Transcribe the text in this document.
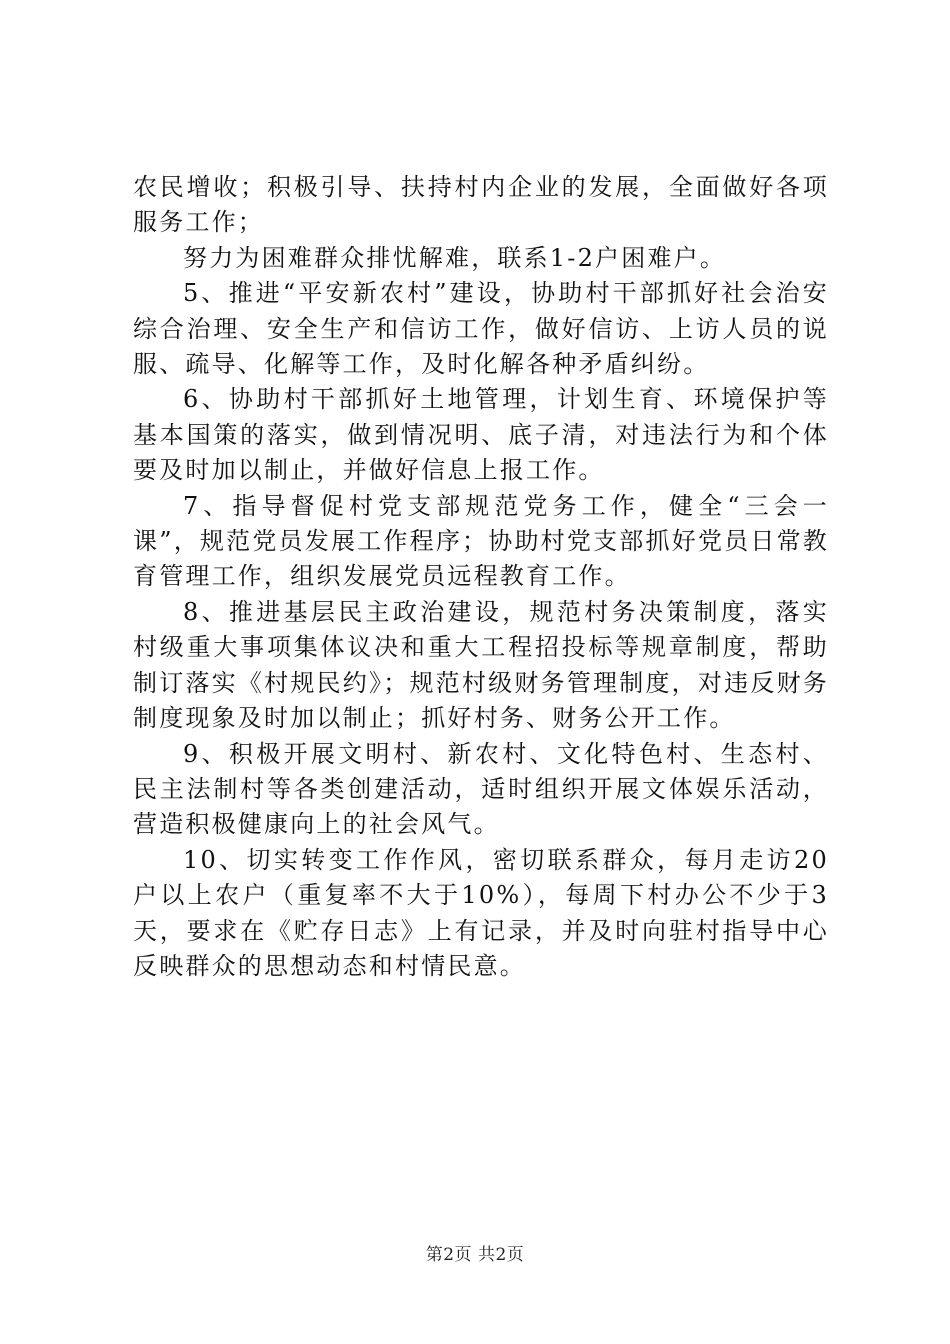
农民增收；积极引导、扶持村内企业的发展，全面做好各项服务工作；

努力为困难群众排忧解难，联系1-2户困难户。

5、推进“平安新农村”建设，协助村干部抓好社会治安综合治理、安全生产和信访工作，做好信访、上访人员的说服、疏导、化解等工作，及时化解各种矛盾纠纷。

6、协助村干部抓好土地管理，计划生育、环境保护等基本国策的落实，做到情况明、底子清，对违法行为和个体要及时加以制止，并做好信息上报工作。

7、指导督促村党支部规范党务工作，健全“三会一课”，规范党员发展工作程序；协助村党支部抓好党员日常教育管理工作，组织发展党员远程教育工作。

8、推进基层民主政治建设，规范村务决策制度，落实村级重大事项集体议决和重大工程招投标等规章制度，帮助制订落实《村规民约》；规范村级财务管理制度，对违反财务制度现象及时加以制止；抓好村务、财务公开工作。

9、积极开展文明村、新农村、文化特色村、生态村、民主法制村等各类创建活动，适时组织开展文体娱乐活动，营造积极健康向上的社会风气。

10、切实转变工作作风，密切联系群众，每月走访20户以上农户（重复率不大于10%），每周下村办公不少于3天，要求在《贮存日志》上有记录，并及时向驻村指导中心反映群众的思想动态和村情民意。

第2页 共2页
